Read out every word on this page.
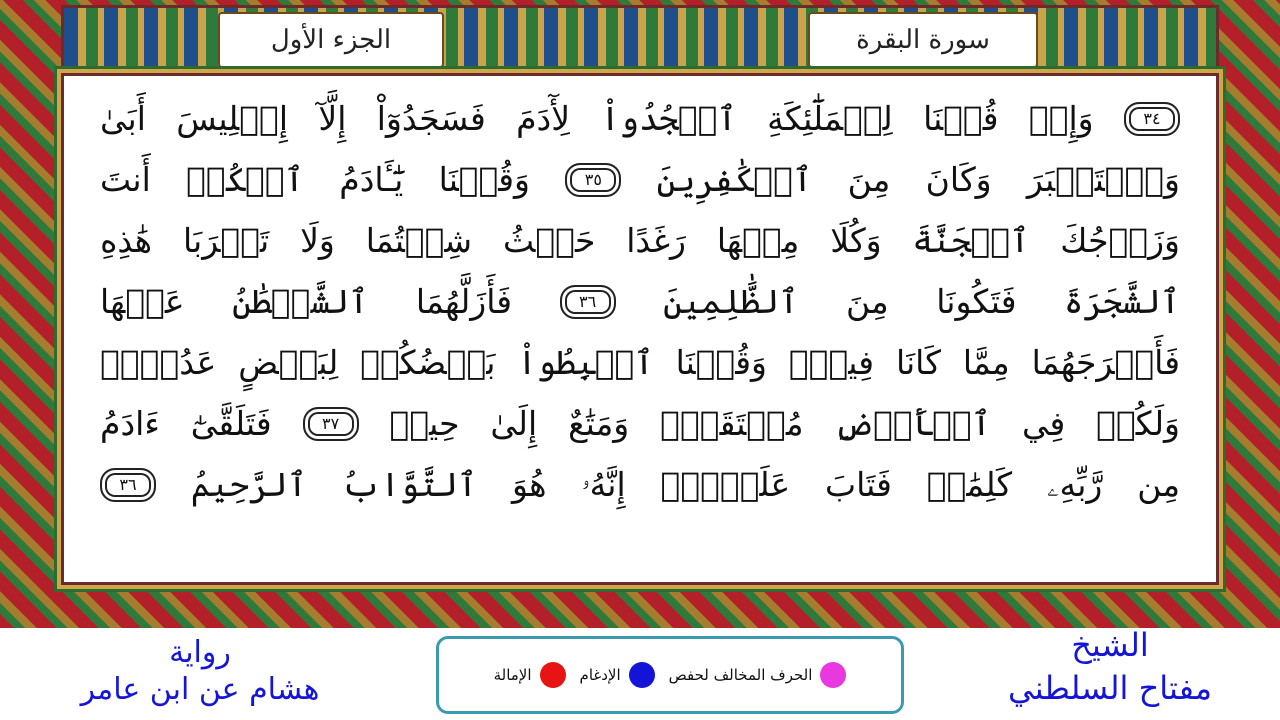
الجزء الأول	سورة البقرة
٣٤
وَإِذۡ
قُلۡنَا
لِلۡمَلَٰٓئِكَةِ
ٱسۡجُدُواْ
لِأٓدَمَ
فَسَجَدُوٓاْ
إِلَّآ
إِبۡلِيسَ
أَبَىٰ
وَٱسۡتَكۡبَرَ
وَكَانَ
مِنَ
ٱلۡكَٰفِرِينَ
٣٥
وَقُلۡنَا
يَٰٓـَٔادَمُ
ٱسۡكُنۡ
أَنتَ
وَزَوۡجُكَ
ٱلۡجَنَّةَ
وَكُلَا
مِنۡهَا
رَغَدًا
حَيۡثُ
شِئۡتُمَا
وَلَا
تَقۡرَبَا
هَٰذِهِ
ٱلشَّجَرَةَ
فَتَكُونَا
مِنَ
ٱلظَّٰلِمِينَ
٣٦
فَأَزَلَّهُمَا
ٱلشَّيۡطَٰنُ
عَنۡهَا
فَأَخۡرَجَهُمَا
مِمَّا
كَانَا
فِيهِۖ
وَقُلۡنَا
ٱهۡبِطُواْ
بَعۡضُكُمۡ
لِبَعۡضٍ
عَدُوّٞۖ
وَلَكُمۡ
فِي
ٱلۡأَرۡضِ
مُسۡتَقَرّٞ
وَمَتَٰعٌ
إِلَىٰ
حِينٖ
٣٧
فَتَلَقَّىٰٓ
ءَادَمُ
مِن
رَّبِّهِۦ
كَلِمَٰتٖ
فَتَابَ
عَلَيۡهِۚ
إِنَّهُۥ
هُوَ
ٱلتَّوَّابُ
ٱلرَّحِيمُ
٣٦
رواية
هشام عن ابن عامر	الحرف المخالف لحفص
الإدغام
الإمالة
الشيخ
مفتاح السلطني
